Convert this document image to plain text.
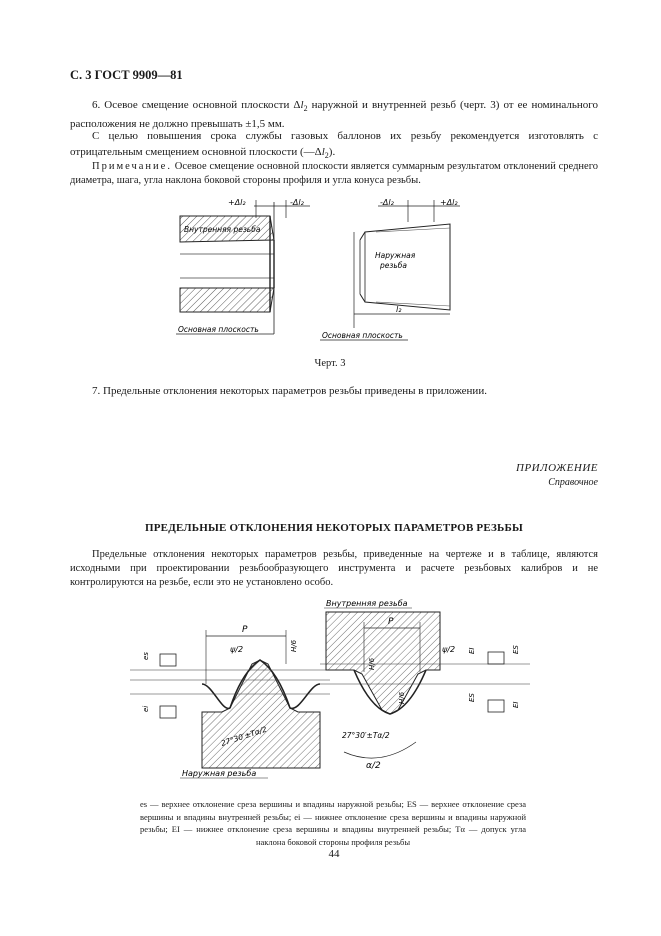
С. 3 ГОСТ 9909—81
6. Осевое смещение основной плоскости $\Delta l_2$ наружной и внутренней резьб (черт. 3) от ее номинального расположения не должно превышать ±1,5 мм.
С целью повышения срока службы газовых баллонов их резьбу рекомендуется изготовлять с отрицательным смещением основной плоскости $(—\Delta l_2)$.
Примечание. Осевое смещение основной плоскости является суммарным результатом отклонений среднего диаметра, шага, угла наклона боковой стороны профиля и угла конуса резьбы.
+Δl₂	-Δl₂
Внутренняя резьба
Основная плоскость
-Δl₂	+Δl₂
Наружная
резьба
l₂
Основная плоскость
Черт. 3
7. Предельные отклонения некоторых параметров резьбы приведены в приложении.
ПРИЛОЖЕНИЕ
Справочное
ПРЕДЕЛЬНЫЕ ОТКЛОНЕНИЯ НЕКОТОРЫХ ПАРАМЕТРОВ РЕЗЬБЫ
Предельные отклонения некоторых параметров резьбы, приведенные на чертеже и в таблице, являются исходными при проектировании резьбообразующего инструмента и расчете резьбовых калибров и не контролируются на резьбе, если это не установлено особо.
P
ψ/2	H/6
27°30′±Tα/2
Наружная резьба
es
ei
P
ψ/2
H/6
H/6
Внутренняя резьба
27°30′±Tα/2
α/2
EI	ES
ES
EI
es — верхнее отклонение среза вершины и впадины наружной резьбы; ES — верхнее отклонение среза вершины и впадины внутренней резьбы; ei — нижнее отклонение среза вершины и впадины наружной резьбы; EI — нижнее отклонение среза вершины и впадины внутренней резьбы; Tα — допуск угла наклона боковой стороны профиля резьбы
44
